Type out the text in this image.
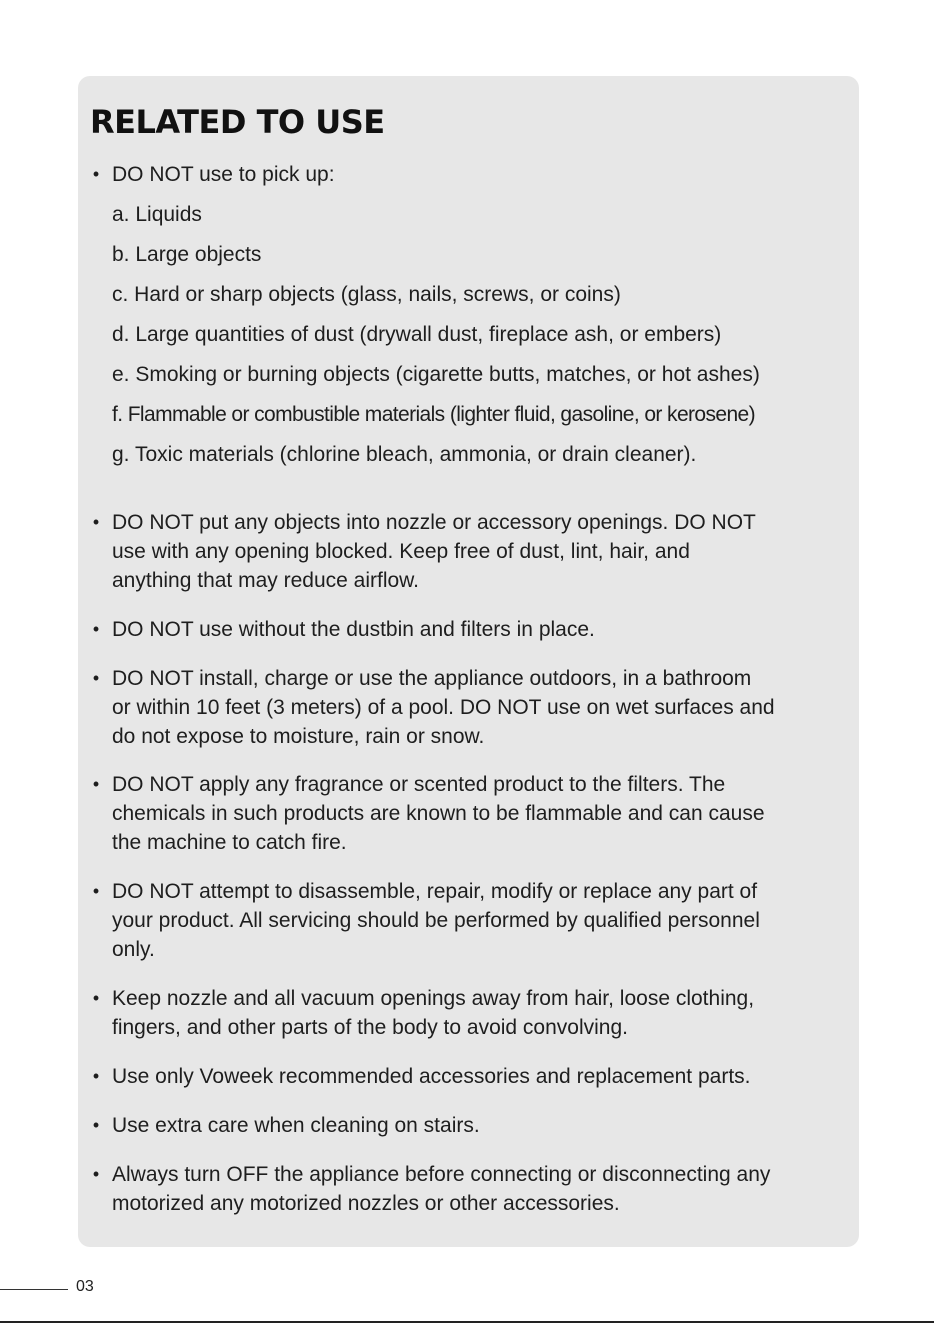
RELATED TO USE
• DO NOT use to pick up:
a. Liquids
b. Large objects
c. Hard or sharp objects (glass, nails, screws, or coins)
d. Large quantities of dust (drywall dust, fireplace ash, or embers)
e. Smoking or burning objects (cigarette butts, matches, or hot ashes)
f. Flammable or combustible materials (lighter fluid, gasoline, or kerosene)
g. Toxic materials (chlorine bleach, ammonia, or drain cleaner).
• DO NOT put any objects into nozzle or accessory openings. DO NOT
use with any opening blocked. Keep free of dust, lint, hair, and
anything that may reduce airflow.
• DO NOT use without the dustbin and filters in place.
• DO NOT install, charge or use the appliance outdoors, in a bathroom
or within 10 feet (3 meters) of a pool. DO NOT use on wet surfaces and
do not expose to moisture, rain or snow.
• DO NOT apply any fragrance or scented product to the filters. The
chemicals in such products are known to be flammable and can cause
the machine to catch fire.
• DO NOT attempt to disassemble, repair, modify or replace any part of
your product. All servicing should be performed by qualified personnel
only.
• Keep nozzle and all vacuum openings away from hair, loose clothing,
fingers, and other parts of the body to avoid convolving.
• Use only Voweek recommended accessories and replacement parts.
• Use extra care when cleaning on stairs.
• Always turn OFF the appliance before connecting or disconnecting any
motorized any motorized nozzles or other accessories.
03
